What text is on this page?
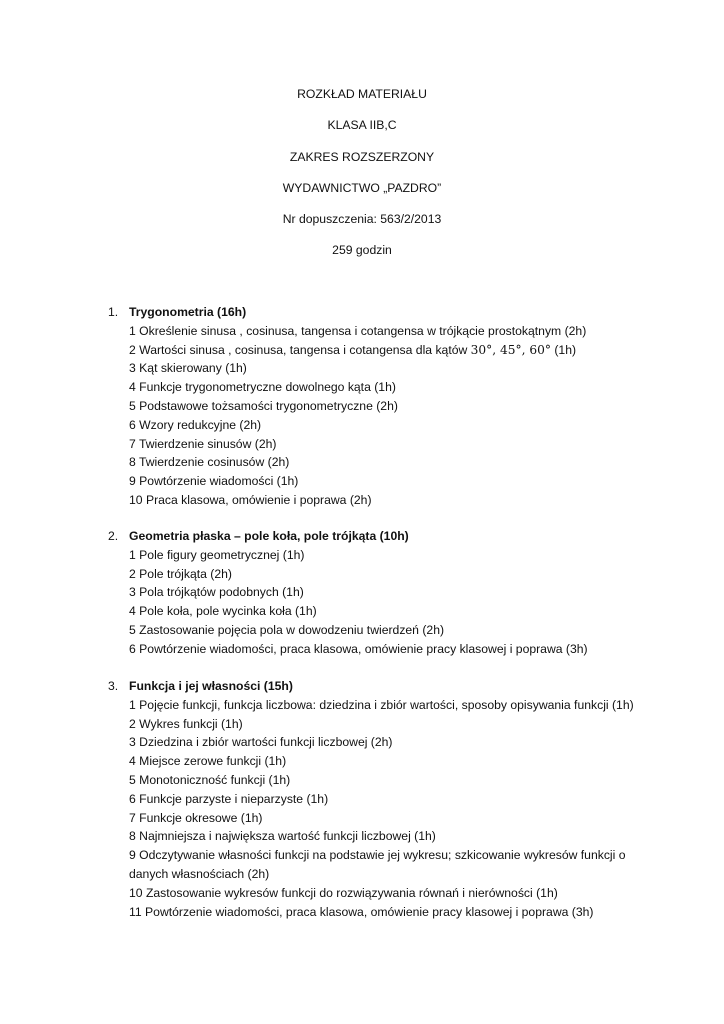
ROZKŁAD MATERIAŁU
KLASA IIB,C
ZAKRES ROZSZERZONY
WYDAWNICTWO „PAZDRO”
Nr dopuszczenia: 563/2/2013
259 godzin
1. Trygonometria (16h)
1 Określenie sinusa , cosinusa, tangensa i cotangensa w trójkącie prostokątnym (2h)
2 Wartości sinusa , cosinusa, tangensa i cotangensa dla kątów 30°, 45°, 60° (1h)
3 Kąt skierowany (1h)
4 Funkcje trygonometryczne dowolnego kąta (1h)
5 Podstawowe tożsamości trygonometryczne (2h)
6 Wzory redukcyjne (2h)
7 Twierdzenie sinusów (2h)
8 Twierdzenie cosinusów (2h)
9 Powtórzenie wiadomości (1h)
10 Praca klasowa, omówienie i poprawa (2h)
2. Geometria płaska – pole koła, pole trójkąta (10h)
1 Pole figury geometrycznej (1h)
2 Pole trójkąta (2h)
3 Pola trójkątów podobnych (1h)
4 Pole koła, pole wycinka koła (1h)
5 Zastosowanie pojęcia pola w dowodzeniu twierdzeń (2h)
6 Powtórzenie wiadomości, praca klasowa, omówienie pracy klasowej i poprawa (3h)
3. Funkcja i jej własności (15h)
1 Pojęcie funkcji, funkcja liczbowa: dziedzina i zbiór wartości, sposoby opisywania funkcji (1h)
2 Wykres funkcji (1h)
3 Dziedzina i zbiór wartości funkcji liczbowej (2h)
4 Miejsce zerowe funkcji (1h)
5 Monotoniczność funkcji (1h)
6 Funkcje parzyste i nieparzyste (1h)
7 Funkcje okresowe (1h)
8 Najmniejsza i największa wartość funkcji liczbowej (1h)
9 Odczytywanie własności funkcji na podstawie jej wykresu; szkicowanie wykresów funkcji o danych własnościach (2h)
10 Zastosowanie wykresów funkcji do rozwiązywania równań i nierówności (1h)
11 Powtórzenie wiadomości, praca klasowa, omówienie pracy klasowej i poprawa (3h)
